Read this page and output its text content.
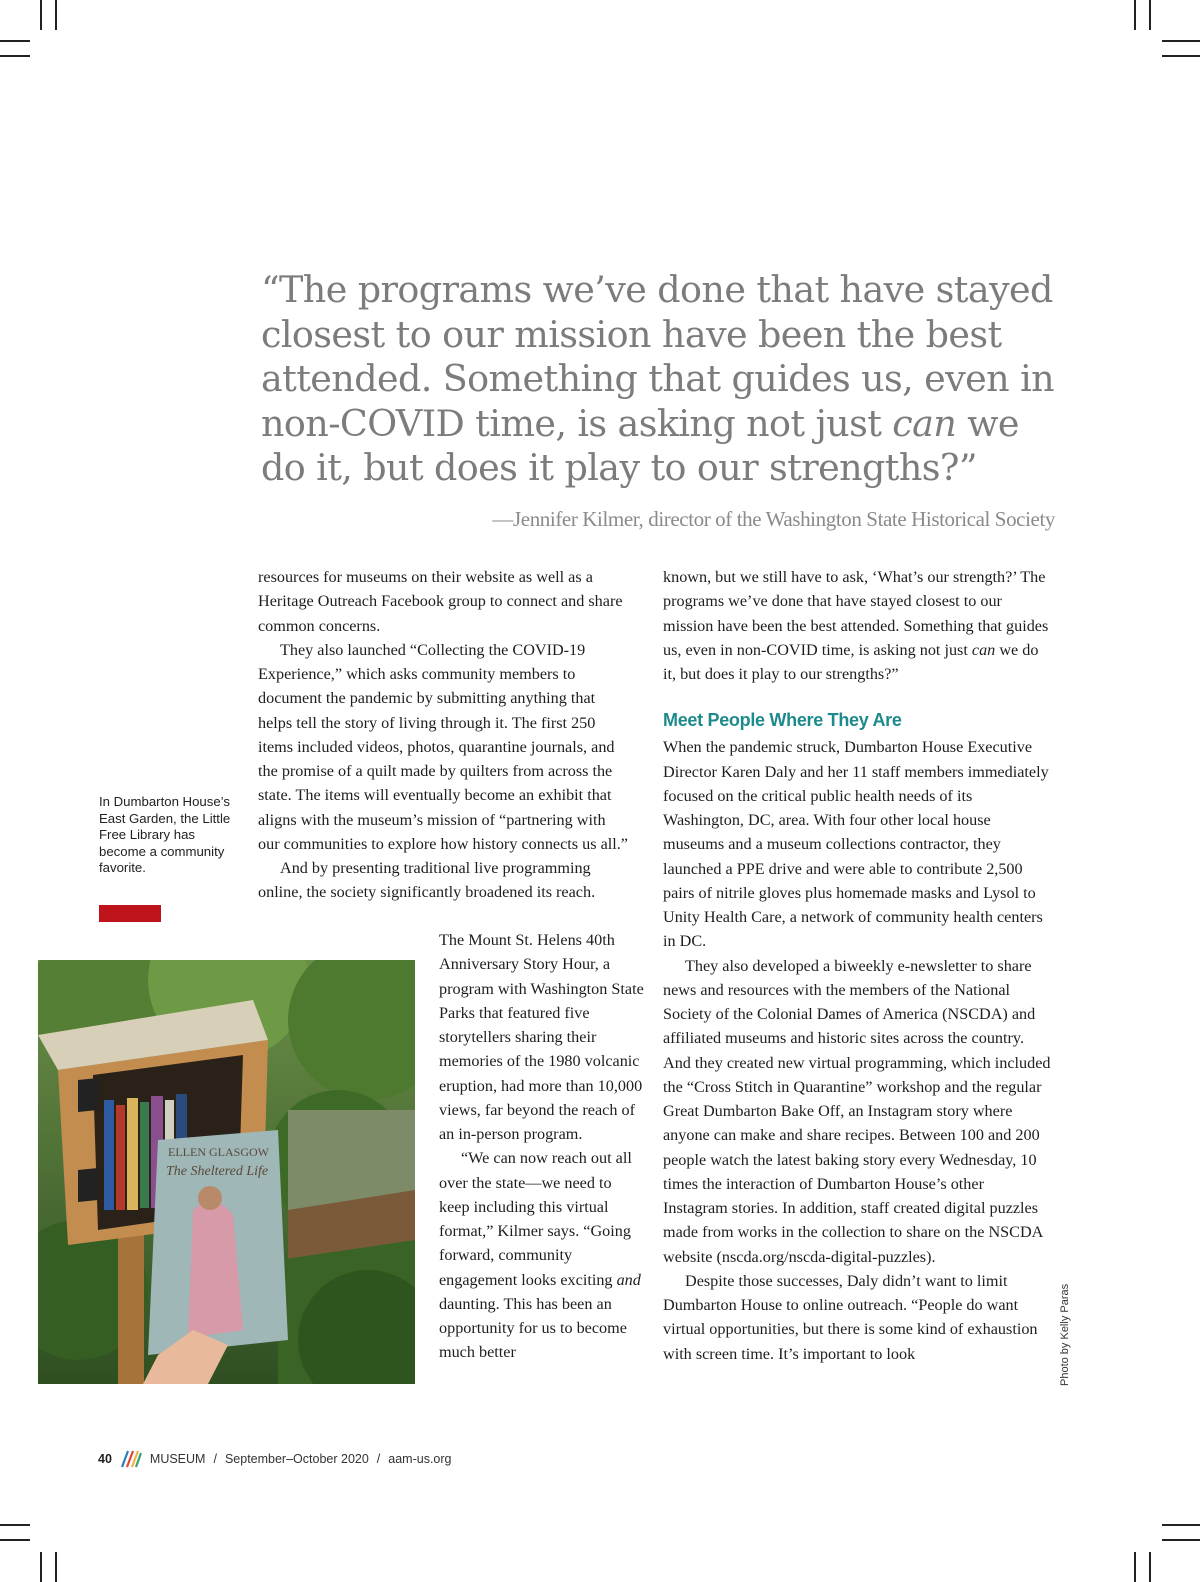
“The programs we’ve done that have stayed closest to our mission have been the best attended. Something that guides us, even in non-COVID time, is asking not just can we do it, but does it play to our strengths?”

—Jennifer Kilmer, director of the Washington State Historical Society

resources for museums on their website as well as a Heritage Outreach Facebook group to connect and share common concerns.

They also launched “Collecting the COVID-19 Experience,” which asks community members to document the pandemic by submitting anything that helps tell the story of living through it. The first 250 items included videos, photos, quarantine journals, and the promise of a quilt made by quilters from across the state. The items will eventually become an exhibit that aligns with the museum’s mission of “partnering with our communities to explore how history connects us all.”

And by presenting traditional live programming online, the society significantly broadened its reach.

The Mount St. Helens 40th Anniversary Story Hour, a program with Washington State Parks that featured five storytellers sharing their memories of the 1980 volcanic eruption, had more than 10,000 views, far beyond the reach of an in-person program.

“We can now reach out all over the state—we need to keep including this virtual format,” Kilmer says. “Going forward, community engagement looks exciting and daunting. This has been an opportunity for us to become much better

known, but we still have to ask, ‘What’s our strength?’ The programs we’ve done that have stayed closest to our mission have been the best attended. Something that guides us, even in non-COVID time, is asking not just can we do it, but does it play to our strengths?”

Meet People Where They Are

When the pandemic struck, Dumbarton House Executive Director Karen Daly and her 11 staff members immediately focused on the critical public health needs of its Washington, DC, area. With four other local house museums and a museum collections contractor, they launched a PPE drive and were able to contribute 2,500 pairs of nitrile gloves plus homemade masks and Lysol to Unity Health Care, a network of community health centers in DC.

They also developed a biweekly e-newsletter to share news and resources with the members of the National Society of the Colonial Dames of America (NSCDA) and affiliated museums and historic sites across the country. And they created new virtual programming, which included the “Cross Stitch in Quarantine” workshop and the regular Great Dumbarton Bake Off, an Instagram story where anyone can make and share recipes. Between 100 and 200 people watch the latest baking story every Wednesday, 10 times the interaction of Dumbarton House’s other Instagram stories. In addition, staff created digital puzzles made from works in the collection to share on the NSCDA website (nscda.org/nscda-digital-puzzles).

Despite those successes, Daly didn’t want to limit Dumbarton House to online outreach. “People do want virtual opportunities, but there is some kind of exhaustion with screen time. It’s important to look

In Dumbarton House’s East Garden, the Little Free Library has become a community favorite.

ELLEN GLASGOW
The Sheltered Life
Photo by Kelly Paras
40	MUSEUM / September–October 2020 / aam-us.org
